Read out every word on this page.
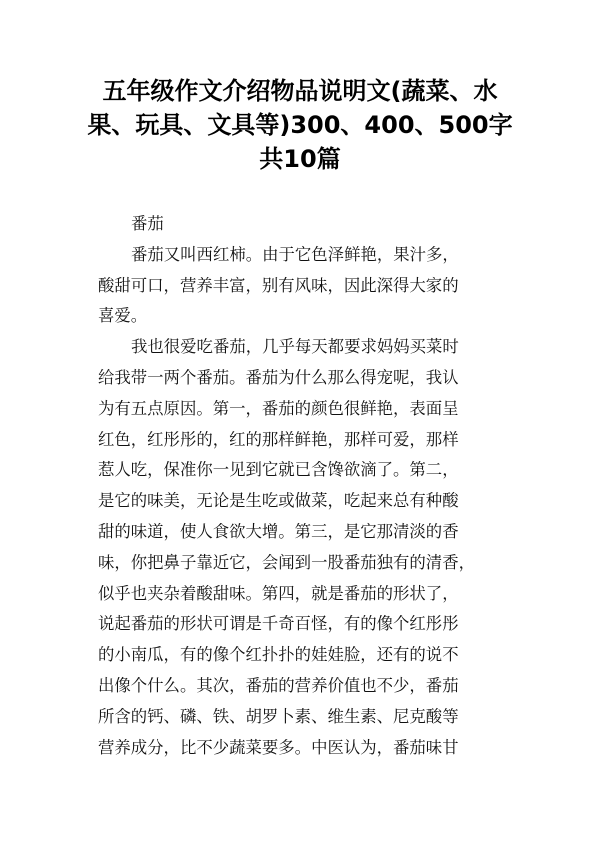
五年级作文介绍物品说明文(蔬菜、水
果、玩具、文具等)300、400、500字
共10篇
番茄
番茄又叫西红柿。由于它色泽鲜艳，果汁多，
酸甜可口，营养丰富，别有风味，因此深得大家的
喜爱。
我也很爱吃番茄，几乎每天都要求妈妈买菜时
给我带一两个番茄。番茄为什么那么得宠呢，我认
为有五点原因。第一，番茄的颜色很鲜艳，表面呈
红色，红彤彤的，红的那样鲜艳，那样可爱，那样
惹人吃，保准你一见到它就已含馋欲滴了。第二，
是它的味美，无论是生吃或做菜，吃起来总有种酸
甜的味道，使人食欲大增。第三，是它那清淡的香
味，你把鼻子靠近它，会闻到一股番茄独有的清香，
似乎也夹杂着酸甜味。第四，就是番茄的形状了，
说起番茄的形状可谓是千奇百怪，有的像个红彤彤
的小南瓜，有的像个红扑扑的娃娃脸，还有的说不
出像个什么。其次，番茄的营养价值也不少，番茄
所含的钙、磷、铁、胡罗卜素、维生素、尼克酸等
营养成分，比不少蔬菜要多。中医认为，番茄味甘
